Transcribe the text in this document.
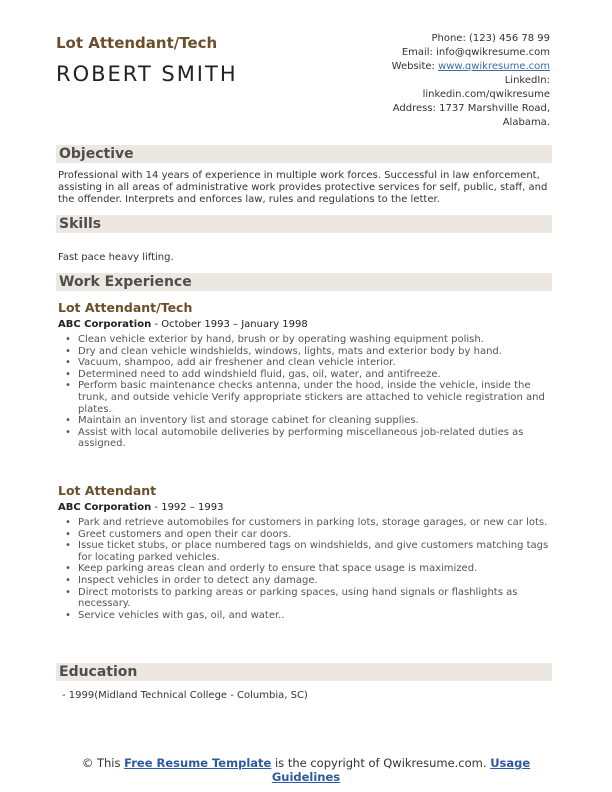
Lot Attendant/Tech
ROBERT SMITH
Phone: (123) 456 78 99
Email: info@qwikresume.com
Website: www.qwikresume.com
LinkedIn:
linkedin.com/qwikresume
Address: 1737 Marshville Road,
Alabama.
Objective
Professional with 14 years of experience in multiple work forces. Successful in law enforcement, assisting in all areas of administrative work provides protective services for self, public, staff, and the offender. Interprets and enforces law, rules and regulations to the letter.
Skills
Fast pace heavy lifting.
Work Experience
Lot Attendant/Tech
ABC Corporation - October 1993 – January 1998
• Clean vehicle exterior by hand, brush or by operating washing equipment polish.
• Dry and clean vehicle windshields, windows, lights, mats and exterior body by hand.
• Vacuum, shampoo, add air freshener and clean vehicle interior.
• Determined need to add windshield fluid, gas, oil, water, and antifreeze.
• Perform basic maintenance checks antenna, under the hood, inside the vehicle, inside the trunk, and outside vehicle Verify appropriate stickers are attached to vehicle registration and plates.
• Maintain an inventory list and storage cabinet for cleaning supplies.
• Assist with local automobile deliveries by performing miscellaneous job-related duties as assigned.
Lot Attendant
ABC Corporation - 1992 – 1993
• Park and retrieve automobiles for customers in parking lots, storage garages, or new car lots.
• Greet customers and open their car doors.
• Issue ticket stubs, or place numbered tags on windshields, and give customers matching tags for locating parked vehicles.
• Keep parking areas clean and orderly to ensure that space usage is maximized.
• Inspect vehicles in order to detect any damage.
• Direct motorists to parking areas or parking spaces, using hand signals or flashlights as necessary.
• Service vehicles with gas, oil, and water..
Education
- 1999(Midland Technical College - Columbia, SC)
© This Free Resume Template is the copyright of Qwikresume.com. Usage Guidelines
